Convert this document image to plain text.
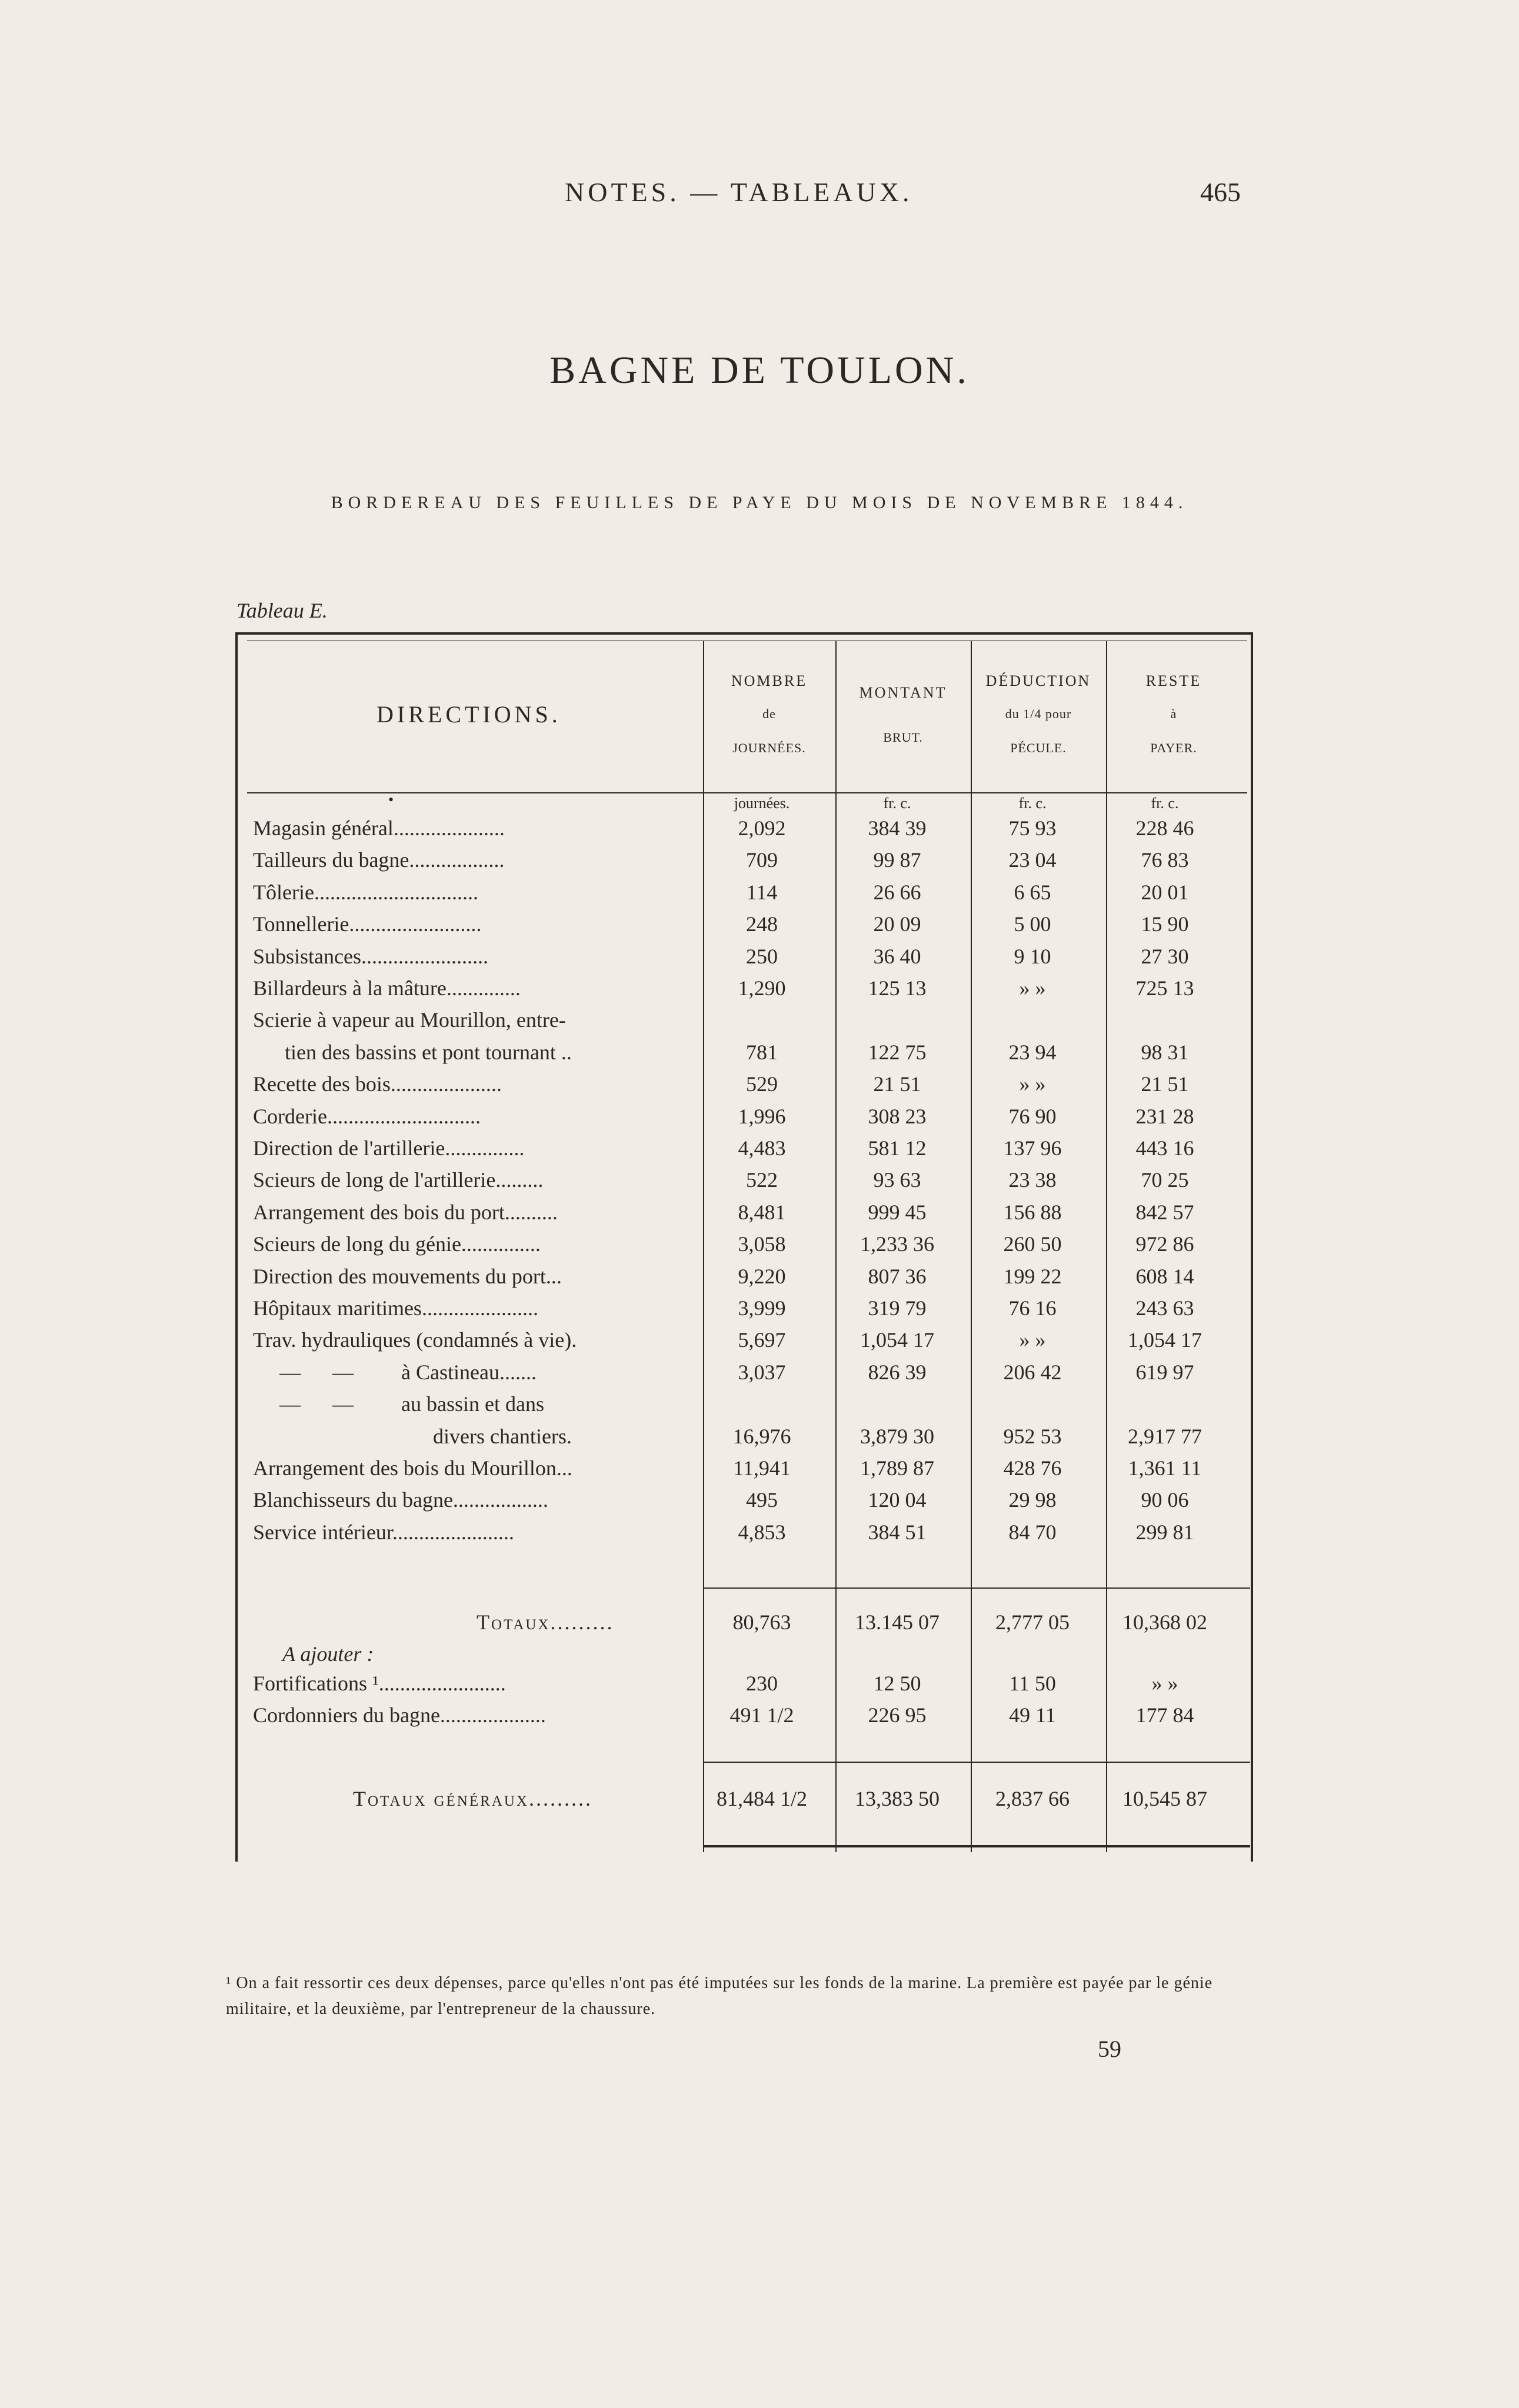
NOTES. — TABLEAUX.	465
BAGNE DE TOULON.
BORDEREAU DES FEUILLES DE PAYE DU MOIS DE NOVEMBRE 1844.
Tableau E.
DIRECTIONS.
NOMBRE
de
JOURNÉES.
MONTANT
BRUT.
DÉDUCTION
du 1/4 pour
PÉCULE.
RESTE
à
PAYER.
•	journées.	fr. c.	fr. c.	fr. c.
Magasin général.....................	2,092	384 39	75 93	228 46
Tailleurs du bagne..................	709	99 87	23 04	76 83
Tôlerie...............................	114	26 66	6 65	20 01
Tonnellerie.........................	248	20 09	5 00	15 90
Subsistances........................	250	36 40	9 10	27 30
Billardeurs à la mâture..............	1,290	125 13	» »	725 13
Scierie à vapeur au Mourillon, entre-
tien des bassins et pont tournant ..	781	122 75	23 94	98 31
Recette des bois.....................	529	21 51	» »	21 51
Corderie.............................	1,996	308 23	76 90	231 28
Direction de l'artillerie...............	4,483	581 12	137 96	443 16
Scieurs de long de l'artillerie.........	522	93 63	23 38	70 25
Arrangement des bois du port..........	8,481	999 45	156 88	842 57
Scieurs de long du génie...............	3,058	1,233 36	260 50	972 86
Direction des mouvements du port...	9,220	807 36	199 22	608 14
Hôpitaux maritimes......................	3,999	319 79	76 16	243 63
Trav. hydrauliques (condamnés à vie).	5,697	1,054 17	» »	1,054 17
—      —         à Castineau.......	3,037	826 39	206 42	619 97
—      —         au bassin et dans
divers chantiers.	16,976	3,879 30	952 53	2,917 77
Arrangement des bois du Mourillon...	11,941	1,789 87	428 76	1,361 11
Blanchisseurs du bagne..................	495	120 04	29 98	90 06
Service intérieur.......................	4,853	384 51	84 70	299 81
Totaux.........	80,763	13.145 07	2,777 05	10,368 02
A ajouter :
Fortifications ¹........................	230	12 50	11 50	» »
Cordonniers du bagne....................	491 1/2	226 95	49 11	177 84
Totaux généraux.........	81,484 1/2	13,383 50	2,837 66	10,545 87
¹ On a fait ressortir ces deux dépenses, parce qu'elles n'ont pas été imputées sur les fonds de la marine. La première est payée par le génie militaire, et la deuxième, par l'entrepreneur de la chaussure.
59
